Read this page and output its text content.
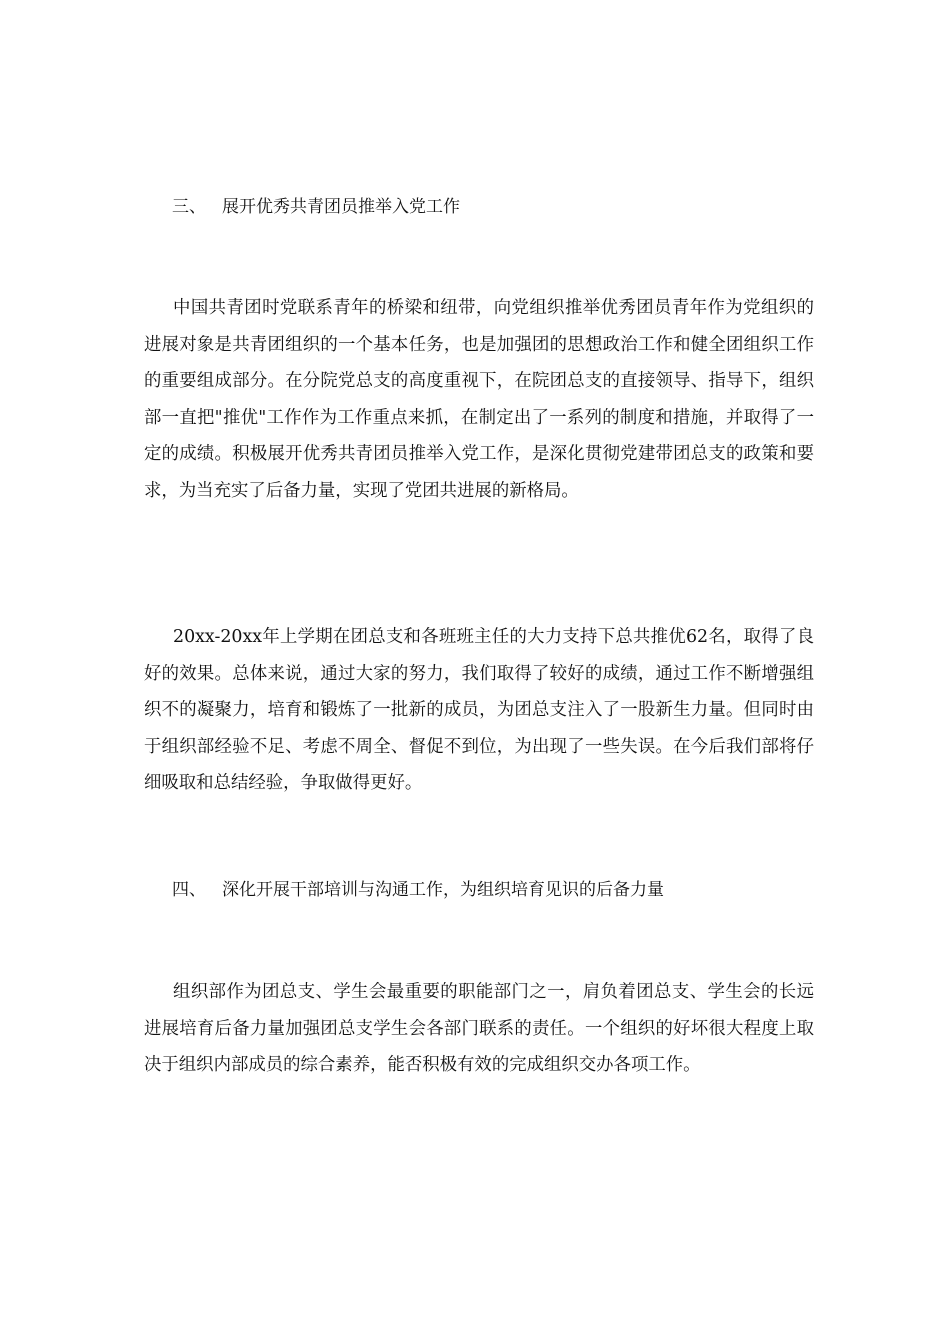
三、 展开优秀共青团员推举入党工作

中国共青团时党联系青年的桥梁和纽带，向党组织推举优秀团员青年作为党组织的进展对象是共青团组织的一个基本任务，也是加强团的思想政治工作和健全团组织工作的重要组成部分。在分院党总支的高度重视下，在院团总支的直接领导、指导下，组织部一直把"推优"工作作为工作重点来抓，在制定出了一系列的制度和措施，并取得了一定的成绩。积极展开优秀共青团员推举入党工作，是深化贯彻党建带团总支的政策和要求，为当充实了后备力量，实现了党团共进展的新格局。

20xx-20xx年上学期在团总支和各班班主任的大力支持下总共推优62名，取得了良好的效果。总体来说，通过大家的努力，我们取得了较好的成绩，通过工作不断增强组织不的凝聚力，培育和锻炼了一批新的成员，为团总支注入了一股新生力量。但同时由于组织部经验不足、考虑不周全、督促不到位，为出现了一些失误。在今后我们部将仔细吸取和总结经验，争取做得更好。

四、 深化开展干部培训与沟通工作，为组织培育见识的后备力量

组织部作为团总支、学生会最重要的职能部门之一，肩负着团总支、学生会的长远进展培育后备力量加强团总支学生会各部门联系的责任。一个组织的好坏很大程度上取决于组织内部成员的综合素养，能否积极有效的完成组织交办各项工作。
